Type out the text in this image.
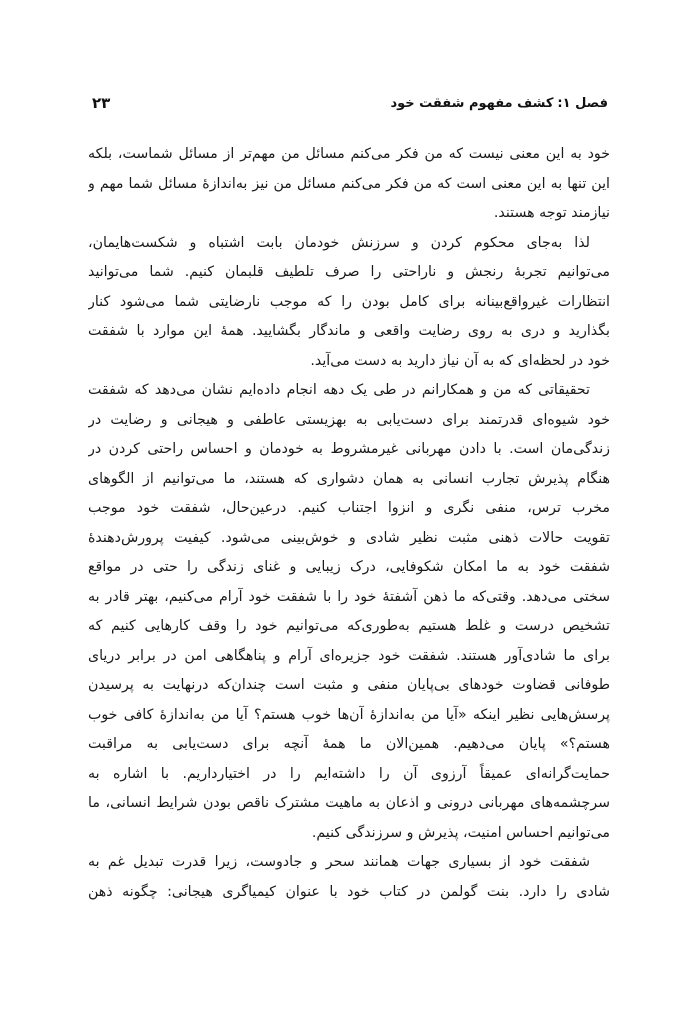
فصل ۱:
کشف مفهوم شفقت خود
۲۳
خود به این معنی نیست که من فکر می‌کنم مسائل من مهم‌تر از مسائل شماست، بلکه
این تنها به این معنی است که من فکر می‌کنم مسائل من نیز به‌اندازهٔ مسائل شما مهم و
نیازمند توجه هستند.
لذا به‌جای محکوم کردن و سرزنش خودمان بابت اشتباه و شکست‌هایمان،
می‌توانیم تجربهٔ رنجش و ناراحتی را صرف تلطیف قلبمان کنیم. شما می‌توانید
انتظارات غیرواقع‌بینانه برای کامل بودن را که موجب نارضایتی شما می‌شود کنار
بگذارید و دری به روی رضایت واقعی و ماندگار بگشایید. همهٔ این موارد با شفقت
خود در لحظه‌ای که به آن نیاز دارید به دست می‌آید.
تحقیقاتی که من و همکارانم در طی یک دهه انجام داده‌ایم نشان می‌دهد که شفقت
خود شیوه‌ای قدرتمند برای دست‌یابی به بهزیستی عاطفی و هیجانی و رضایت در
زندگی‌مان است. با دادن مهربانی غیرمشروط به خودمان و احساس راحتی کردن در
هنگام پذیرش تجارب انسانی به همان دشواری که هستند، ما می‌توانیم از الگوهای
مخرب ترس، منفی نگری و انزوا اجتناب کنیم. درعین‌حال، شفقت خود موجب
تقویت حالات ذهنی مثبت نظیر شادی و خوش‌بینی می‌شود. کیفیت پرورش‌دهندهٔ
شفقت خود به ما امکان شکوفایی، درک زیبایی و غنای زندگی را حتی در مواقع
سختی می‌دهد. وقتی‌که ما ذهن آشفتهٔ خود را با شفقت خود آرام می‌کنیم، بهتر قادر به
تشخیص درست و غلط هستیم به‌طوری‌که می‌توانیم خود را وقف کارهایی کنیم که
برای ما شادی‌آور هستند. شفقت خود جزیره‌ای آرام و پناهگاهی امن در برابر دریای
طوفانی قضاوت خودهای بی‌پایان منفی و مثبت است چندان‌که درنهایت به پرسیدن
پرسش‌هایی نظیر اینکه «آیا من به‌اندازهٔ آن‌ها خوب هستم؟ آیا من به‌اندازهٔ کافی خوب
هستم؟» پایان می‌دهیم. همین‌الان ما همهٔ آنچه برای دست‌یابی به مراقبت
حمایت‌گرانه‌ای عمیقاً آرزوی آن را داشته‌ایم را در اختیارداریم. با اشاره به
سرچشمه‌های مهربانی درونی و اذعان به ماهیت مشترک ناقص بودن شرایط انسانی، ما
می‌توانیم احساس امنیت، پذیرش و سرزندگی کنیم.
شفقت خود از بسیاری جهات همانند سحر و جادوست، زیرا قدرت تبدیل غم به
شادی را دارد. بنت گولمن در کتاب خود با عنوان کیمیاگری هیجانی: چگونه ذهن
